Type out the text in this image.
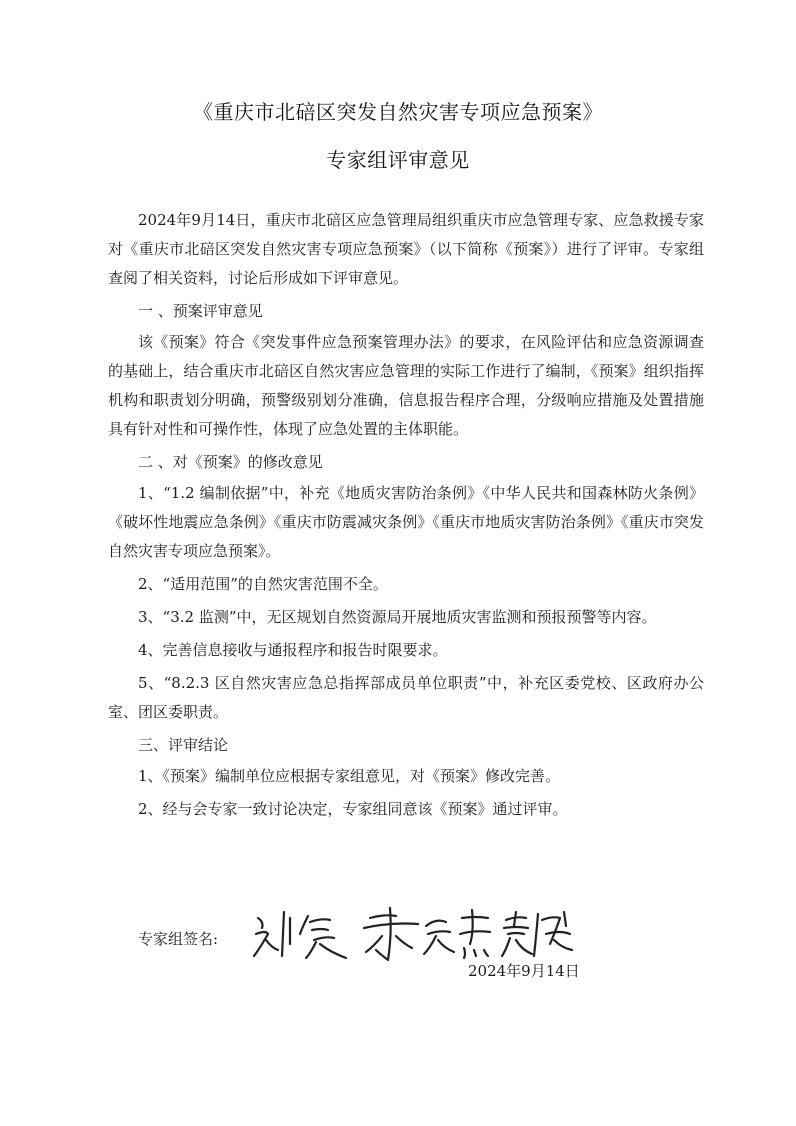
《重庆市北碚区突发自然灾害专项应急预案》
专家组评审意见

2024年9月14日，重庆市北碚区应急管理局组织重庆市应急管理专家、应急救援专家对《重庆市北碚区突发自然灾害专项应急预案》（以下简称《预案》）进行了评审。专家组查阅了相关资料，讨论后形成如下评审意见。

一 、预案评审意见

该《预案》符合《突发事件应急预案管理办法》的要求，在风险评估和应急资源调查的基础上，结合重庆市北碚区自然灾害应急管理的实际工作进行了编制，《预案》组织指挥机构和职责划分明确，预警级别划分准确，信息报告程序合理，分级响应措施及处置措施具有针对性和可操作性，体现了应急处置的主体职能。

二 、对《预案》的修改意见

1、“1.2 编制依据”中，补充《地质灾害防治条例》《中华人民共和国森林防火条例》《破坏性地震应急条例》《重庆市防震减灾条例》《重庆市地质灾害防治条例》《重庆市突发自然灾害专项应急预案》。

2、“适用范围”的自然灾害范围不全。

3、“3.2 监测”中，无区规划自然资源局开展地质灾害监测和预报预警等内容。

4、完善信息接收与通报程序和报告时限要求。

5、“8.2.3 区自然灾害应急总指挥部成员单位职责”中，补充区委党校、区政府办公室、团区委职责。

三、评审结论

1、《预案》编制单位应根据专家组意见，对《预案》修改完善。

2、经与会专家一致讨论决定，专家组同意该《预案》通过评审。

专家组签名:
2024年9月14日
